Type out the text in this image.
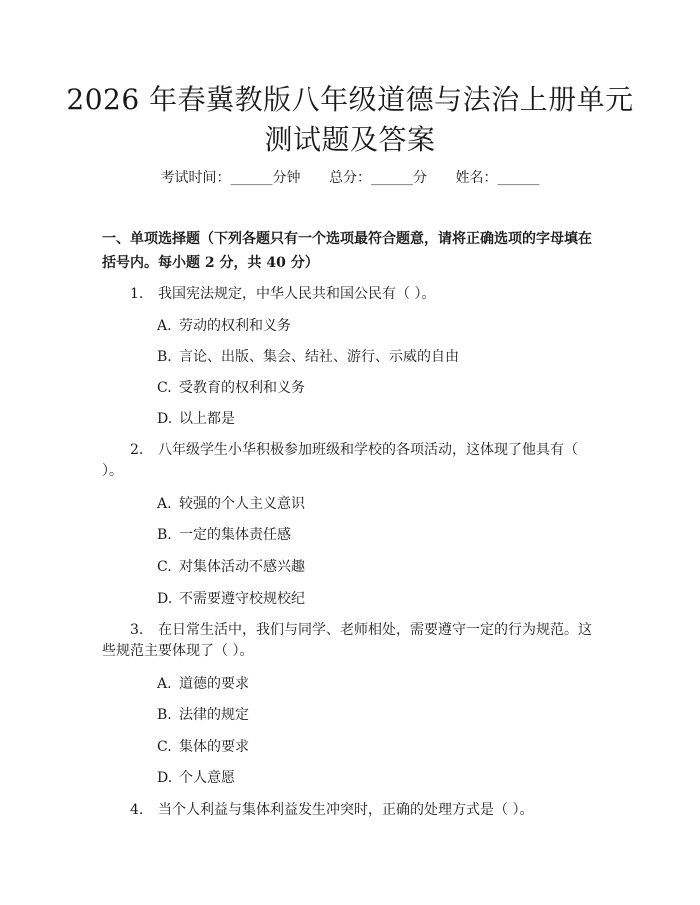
2026 年春冀教版八年级道德与法治上册单元
测试题及答案
考试时间：______分钟 总分：______分 姓名：______
一、单项选择题（下列各题只有一个选项最符合题意，请将正确选项的字母填在括号内。每小题 2 分，共 40 分）
1. 我国宪法规定，中华人民共和国公民有（ ）。
A. 劳动的权利和义务
B. 言论、出版、集会、结社、游行、示威的自由
C. 受教育的权利和义务
D. 以上都是
2. 八年级学生小华积极参加班级和学校的各项活动，这体现了他具有（ ）。
A. 较强的个人主义意识
B. 一定的集体责任感
C. 对集体活动不感兴趣
D. 不需要遵守校规校纪
3. 在日常生活中，我们与同学、老师相处，需要遵守一定的行为规范。这些规范主要体现了（ ）。
A. 道德的要求
B. 法律的规定
C. 集体的要求
D. 个人意愿
4. 当个人利益与集体利益发生冲突时，正确的处理方式是（ ）。
